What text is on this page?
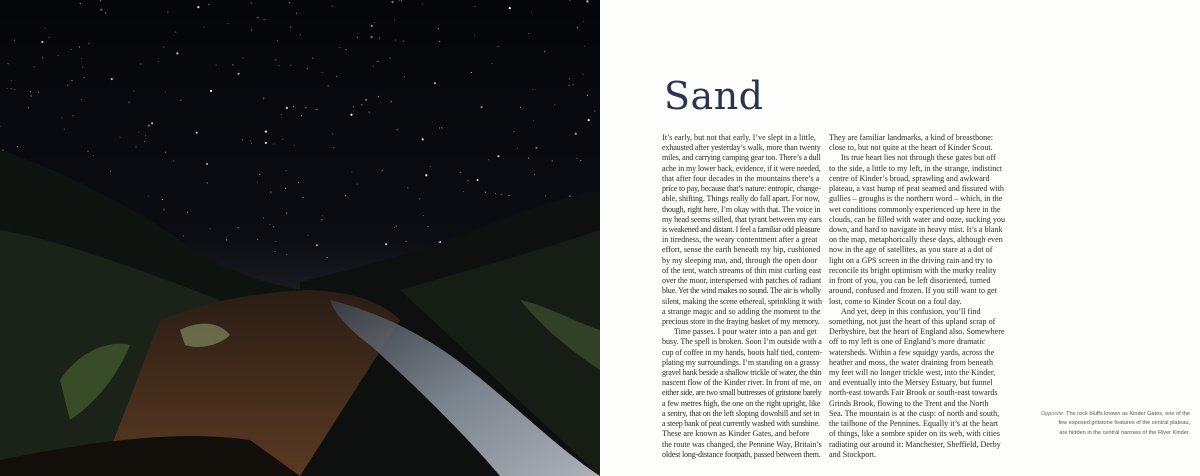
Sand
It’s early, but not that early. I’ve slept in a little,
exhausted after yesterday’s walk, more than twenty
miles, and carrying camping gear too. There’s a dull
ache in my lower back, evidence, if it were needed,
that after four decades in the mountains there’s a
price to pay, because that’s nature: entropic, change-
able, shifting. Things really do fall apart. For now,
though, right here, I’m okay with that. The voice in
my head seems stilled, that tyrant between my ears
is weakened and distant. I feel a familiar odd pleasure
in tiredness, the weary contentment after a great
effort, sense the earth beneath my hip, cushioned
by my sleeping mat, and, through the open door
of the tent, watch streams of thin mist curling east
over the moor, interspersed with patches of radiant
blue. Yet the wind makes no sound. The air is wholly
silent, making the scene ethereal, sprinkling it with
a strange magic and so adding the moment to the
precious store in the fraying basket of my memory.
Time passes. I pour water into a pan and get
busy. The spell is broken. Soon I’m outside with a
cup of coffee in my hands, boots half tied, contem-
plating my surroundings. I’m standing on a grassy
gravel bank beside a shallow trickle of water, the thin
nascent flow of the Kinder river. In front of me, on
either side, are two small buttresses of gritstone barely
a few metres high, the one on the right upright, like
a sentry, that on the left sloping downhill and set in
a steep bank of peat currently washed with sunshine.
These are known as Kinder Gates, and before
the route was changed, the Pennine Way, Britain’s
oldest long-distance footpath, passed between them.
They are familiar landmarks, a kind of breastbone:
close to, but not quite at the heart of Kinder Scout.
Its true heart lies not through these gates but off
to the side, a little to my left, in the strange, indistinct
centre of Kinder’s broad, sprawling and awkward
plateau, a vast hump of peat seamed and fissured with
gullies – groughs is the northern word – which, in the
wet conditions commonly experienced up here in the
clouds, can be filled with water and ooze, sucking you
down, and hard to navigate in heavy mist. It’s a blank
on the map, metaphorically these days, although even
now in the age of satellites, as you stare at a dot of
light on a GPS screen in the driving rain and try to
reconcile its bright optimism with the murky reality
in front of you, you can be left disoriented, turned
around, confused and frozen. If you still want to get
lost, come to Kinder Scout on a foul day.
And yet, deep in this confusion, you’ll find
something, not just the heart of this upland scrap of
Derbyshire, but the heart of England also. Somewhere
off to my left is one of England’s more dramatic
watersheds. Within a few squidgy yards, across the
heather and moss, the water draining from beneath
my feet will no longer trickle west, into the Kinder,
and eventually into the Mersey Estuary, but funnel
north-east towards Fair Brook or south-east towards
Grinds Brook, flowing to the Trent and the North
Sea. The mountain is at the cusp: of north and south,
the tailbone of the Pennines. Equally it’s at the heart
of things, like a sombre spider on its web, with cities
radiating out around it: Manchester, Sheffield, Derby
and Stockport.
Opposite: The rock bluffs known as Kinder Gates, one of the
few exposed gritstone features of the central plateau,
are hidden in the central narrows of the River Kinder.
